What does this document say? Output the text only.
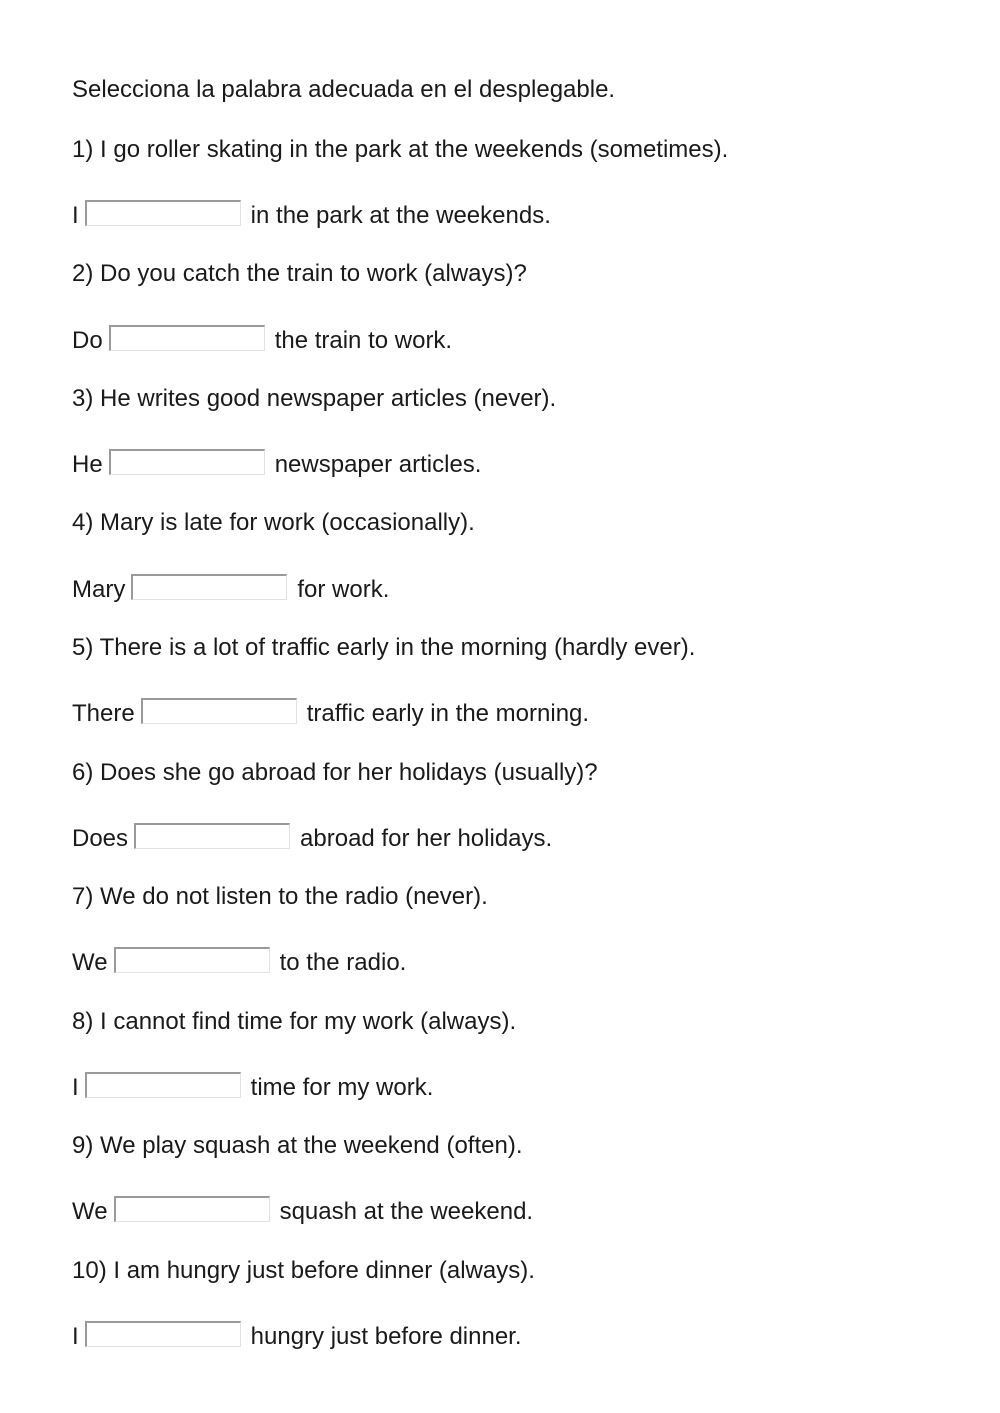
Selecciona la palabra adecuada en el desplegable.
1) I go roller skating in the park at the weekends (sometimes).
I	in the park at the weekends.
2) Do you catch the train to work (always)?
Do	the train to work.
3) He writes good newspaper articles (never).
He	newspaper articles.
4) Mary is late for work (occasionally).
Mary	for work.
5) There is a lot of traffic early in the morning (hardly ever).
There	traffic early in the morning.
6) Does she go abroad for her holidays (usually)?
Does	abroad for her holidays.
7) We do not listen to the radio (never).
We	to the radio.
8) I cannot find time for my work (always).
I	time for my work.
9) We play squash at the weekend (often).
We	squash at the weekend.
10) I am hungry just before dinner (always).
I	hungry just before dinner.
